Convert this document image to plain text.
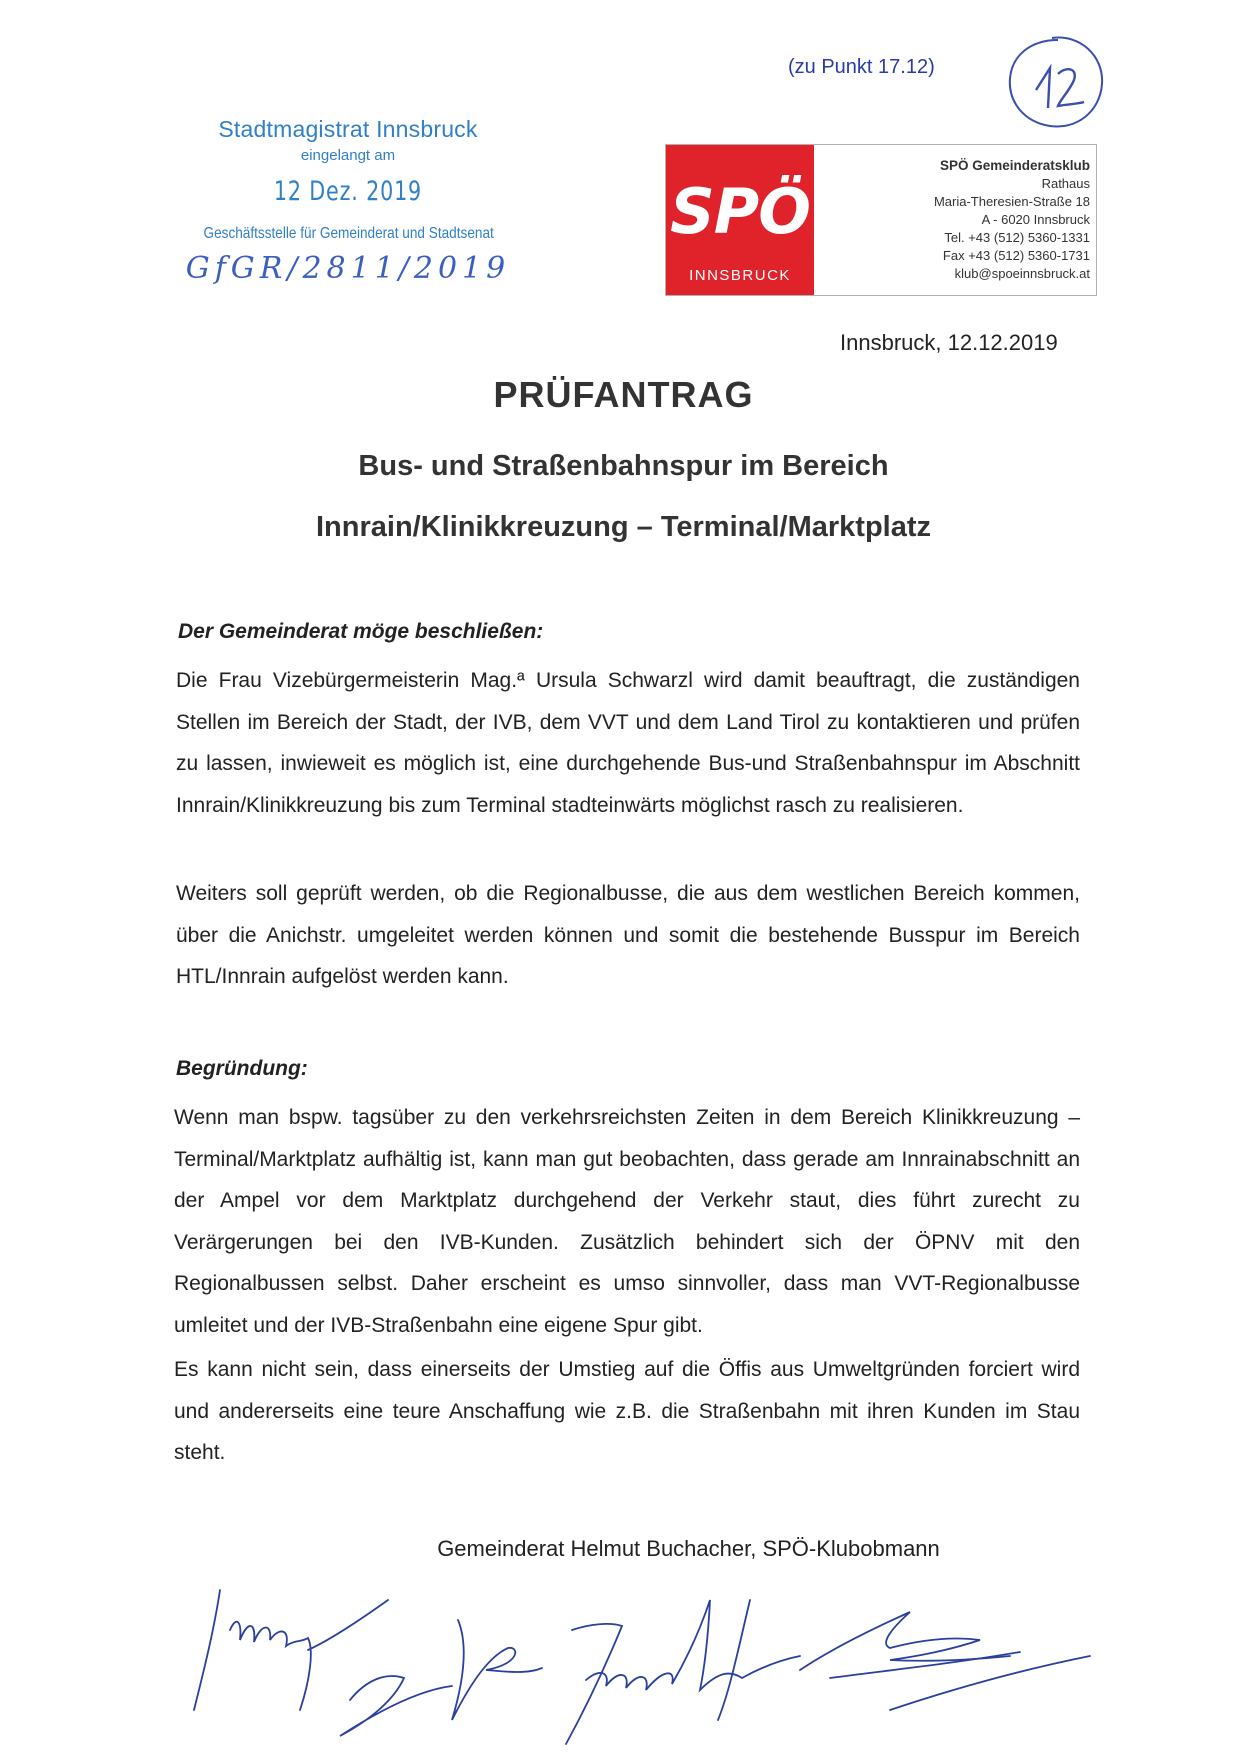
(zu Punkt 17.12)
Stadtmagistrat Innsbruck
eingelangt am
12 Dez. 2019
Geschäftsstelle für Gemeinderat und Stadtsenat
GfGR/2811/2019
SPÖ
INNSBRUCK
SPÖ Gemeinderatsklub
Rathaus
Maria-Theresien-Straße 18
A - 6020 Innsbruck
Tel. +43 (512) 5360-1331
Fax +43 (512) 5360-1731
klub@spoeinnsbruck.at
Innsbruck, 12.12.2019
PRÜFANTRAG
Bus- und Straßenbahnspur im Bereich
Innrain/Klinikkreuzung – Terminal/Marktplatz
Der Gemeinderat möge beschließen:
Die Frau Vizebürgermeisterin Mag.ª Ursula Schwarzl wird damit beauftragt, die zuständigen Stellen im Bereich der Stadt, der IVB, dem VVT und dem Land Tirol zu kontaktieren und prüfen zu lassen, inwieweit es möglich ist, eine durchgehende Bus-und Straßenbahnspur im Abschnitt Innrain/Klinikkreuzung bis zum Terminal stadteinwärts möglichst rasch zu realisieren.
Weiters soll geprüft werden, ob die Regionalbusse, die aus dem westlichen Bereich kommen, über die Anichstr. umgeleitet werden können und somit die bestehende Busspur im Bereich HTL/Innrain aufgelöst werden kann.
Begründung:
Wenn man bspw. tagsüber zu den verkehrsreichsten Zeiten in dem Bereich Klinikkreuzung – Terminal/Marktplatz aufhältig ist, kann man gut beobachten, dass gerade am Innrainabschnitt an der Ampel vor dem Marktplatz durchgehend der Verkehr staut, dies führt zurecht zu Verärgerungen bei den IVB-Kunden. Zusätzlich behindert sich der ÖPNV mit den Regionalbussen selbst. Daher erscheint es umso sinnvoller, dass man VVT-Regionalbusse umleitet und der IVB-Straßenbahn eine eigene Spur gibt.
Es kann nicht sein, dass einerseits der Umstieg auf die Öffis aus Umweltgründen forciert wird und andererseits eine teure Anschaffung wie z.B. die Straßenbahn mit ihren Kunden im Stau steht.
Gemeinderat Helmut Buchacher, SPÖ-Klubobmann
